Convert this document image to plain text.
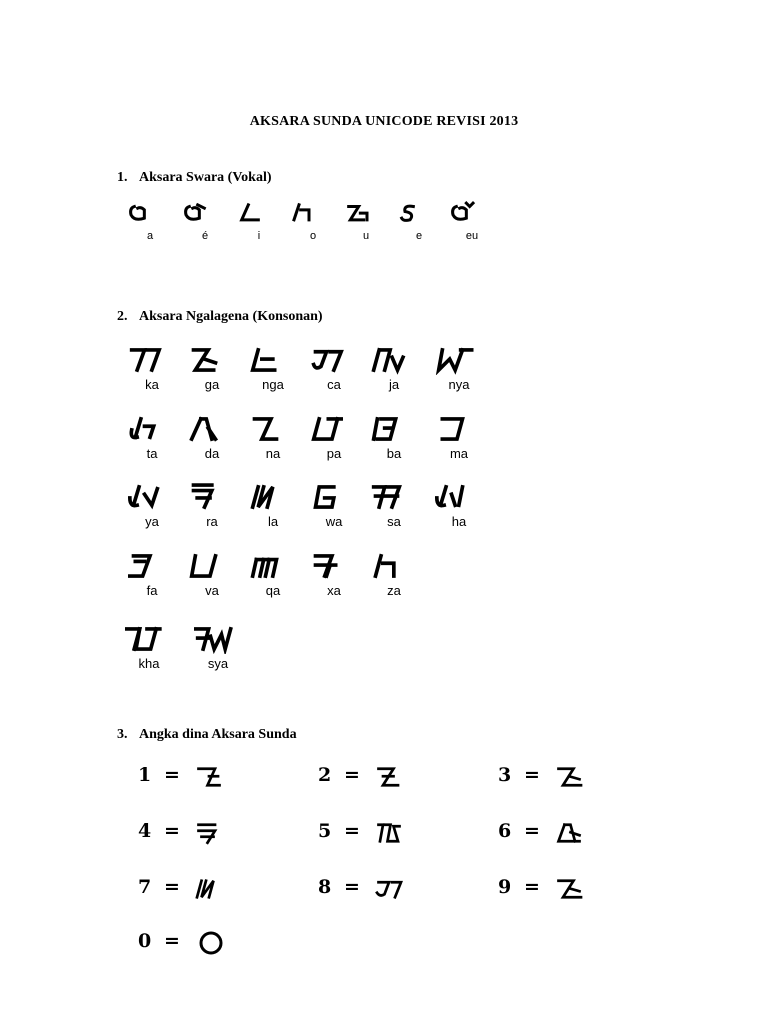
AKSARA SUNDA UNICODE REVISI 2013
1. Aksara Swara (Vokal)
2. Aksara Ngalagena (Konsonan)
3. Angka dina Aksara Sunda
a	é	i	o	u	e	eu
ka	ga	nga	ca	ja	nya
ta	da	na	pa	ba	ma
ya	ra	la	wa	sa	ha
fa	va	qa	xa	za
kha	sya
1 =	2 =	3 =
4 =	5 =	6 =
7 =	8 =	9 =
0 =
